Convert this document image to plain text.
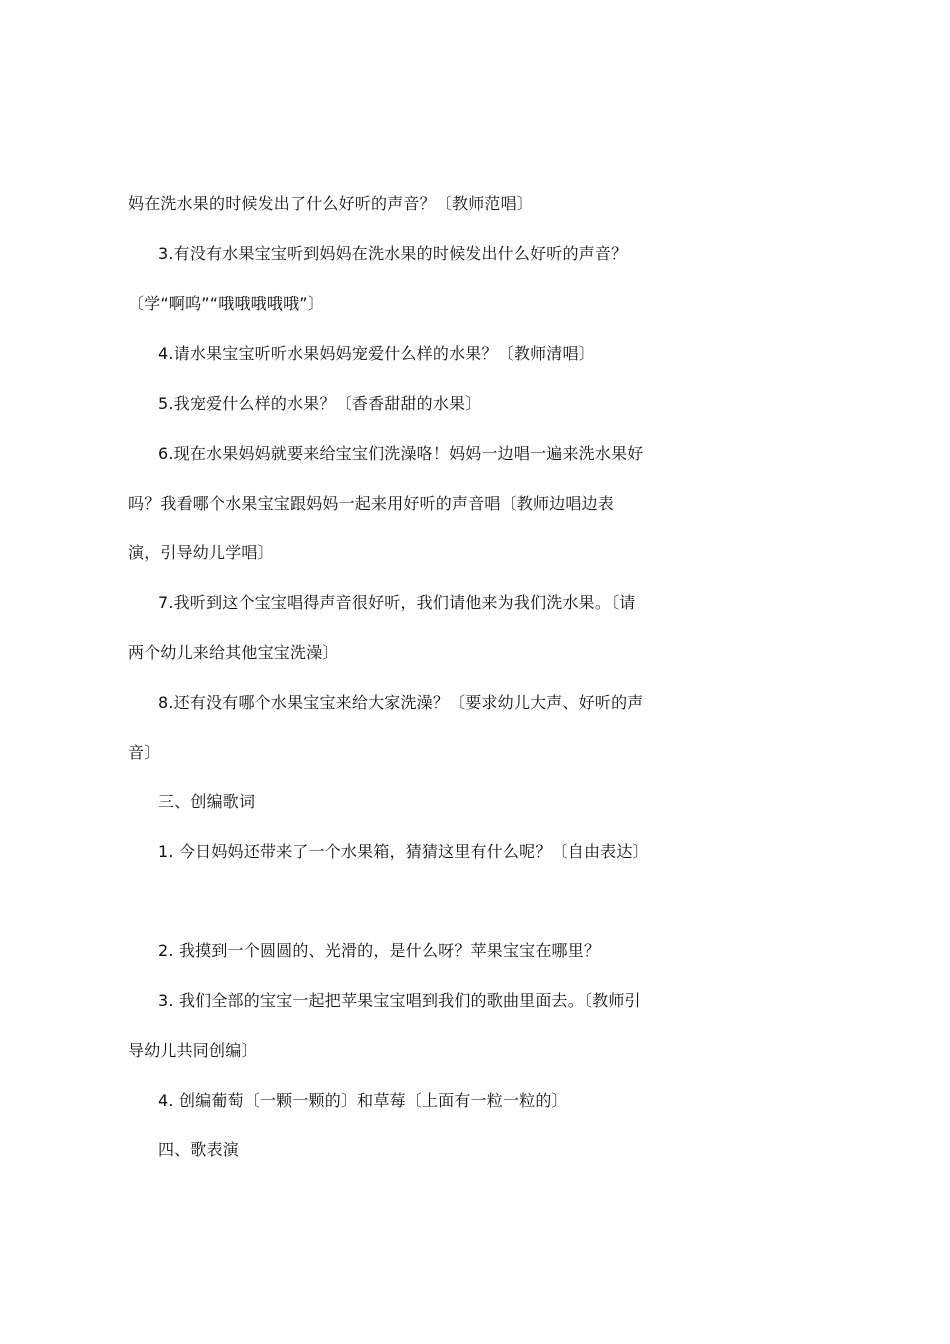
妈在洗水果的时候发出了什么好听的声音？〔教师范唱〕
3.有没有水果宝宝听到妈妈在洗水果的时候发出什么好听的声音？
〔学“啊呜”“哦哦哦哦哦”〕
4.请水果宝宝听听水果妈妈宠爱什么样的水果？〔教师清唱〕
5.我宠爱什么样的水果？〔香香甜甜的水果〕
6.现在水果妈妈就要来给宝宝们洗澡咯！妈妈一边唱一遍来洗水果好
吗？我看哪个水果宝宝跟妈妈一起来用好听的声音唱〔教师边唱边表
演，引导幼儿学唱〕
7.我听到这个宝宝唱得声音很好听，我们请他来为我们洗水果。〔请
两个幼儿来给其他宝宝洗澡〕
8.还有没有哪个水果宝宝来给大家洗澡？〔要求幼儿大声、好听的声
音〕
三、创编歌词
1. 今日妈妈还带来了一个水果箱，猜猜这里有什么呢？〔自由表达〕
2. 我摸到一个圆圆的、光滑的，是什么呀？苹果宝宝在哪里？
3. 我们全部的宝宝一起把苹果宝宝唱到我们的歌曲里面去。〔教师引
导幼儿共同创编〕
4. 创编葡萄〔一颗一颗的〕和草莓〔上面有一粒一粒的〕
四、歌表演
